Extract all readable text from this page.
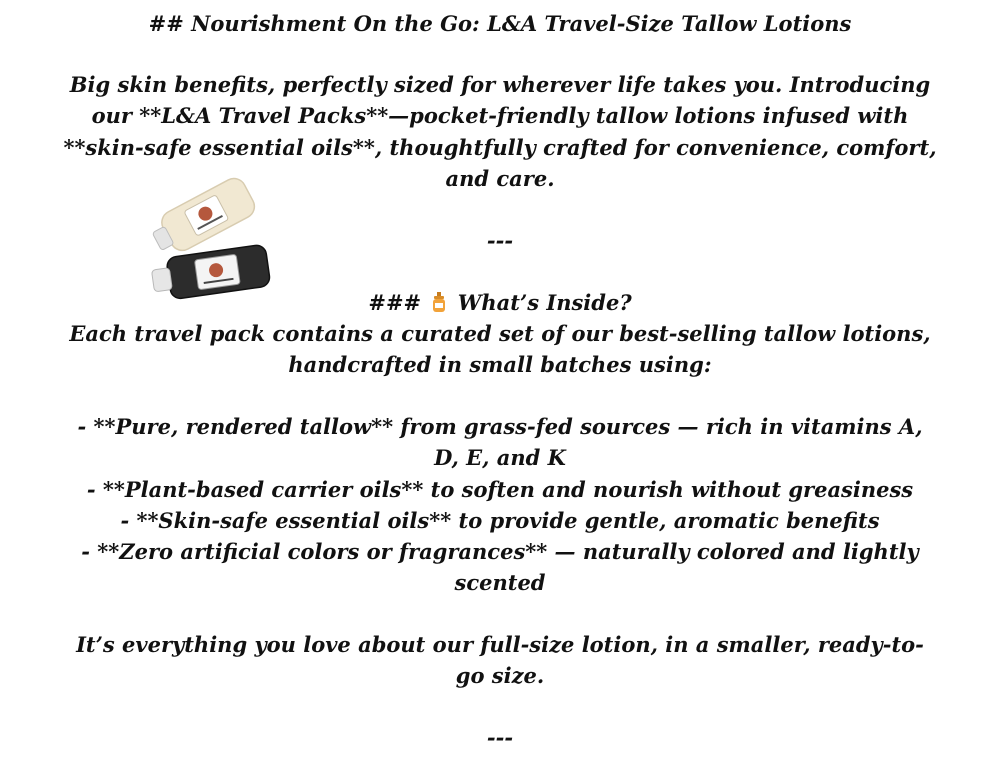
## Nourishment On the Go: L&A Travel-Size Tallow Lotions
Big skin benefits, perfectly sized for wherever life takes you. Introducing
our **L&A Travel Packs**—pocket-friendly tallow lotions infused with
**skin-safe essential oils**, thoughtfully crafted for convenience, comfort,
and care.
---
### What’s Inside?
Each travel pack contains a curated set of our best-selling tallow lotions,
handcrafted in small batches using:
- **Pure, rendered tallow** from grass-fed sources — rich in vitamins A,
D, E, and K
- **Plant-based carrier oils** to soften and nourish without greasiness
- **Skin-safe essential oils** to provide gentle, aromatic benefits
- **Zero artificial colors or fragrances** — naturally colored and lightly
scented
It’s everything you love about our full-size lotion, in a smaller, ready-to-
go size.
---
